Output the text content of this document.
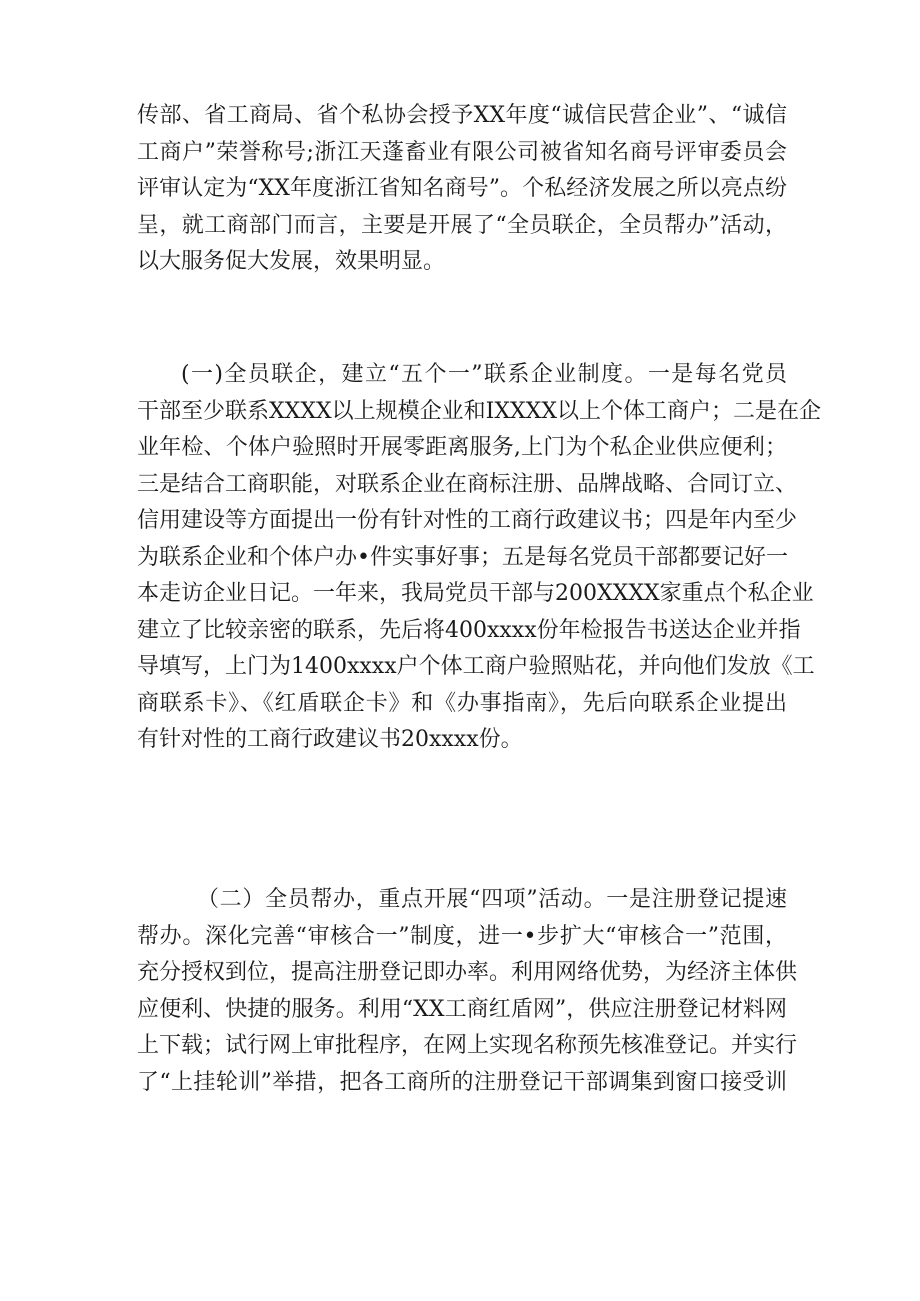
传部、省工商局、省个私协会授予XX年度“诚信民营企业”、“诚信
工商户”荣誉称号;浙江天蓬畜业有限公司被省知名商号评审委员会
评审认定为“XX年度浙江省知名商号”。个私经济发展之所以亮点纷
呈，就工商部门而言，主要是开展了“全员联企，全员帮办”活动，
以大服务促大发展，效果明显。
(一)全员联企，建立“五个一”联系企业制度。一是每名党员
干部至少联系XXXX以上规模企业和IXXXX以上个体工商户；二是在企
业年检、个体户验照时开展零距离服务,上门为个私企业供应便利；
三是结合工商职能，对联系企业在商标注册、品牌战略、合同订立、
信用建设等方面提出一份有针对性的工商行政建议书；四是年内至少
为联系企业和个体户办•件实事好事；五是每名党员干部都要记好一
本走访企业日记。一年来，我局党员干部与200XXXX家重点个私企业
建立了比较亲密的联系，先后将400xxxx份年检报告书送达企业并指
导填写，上门为1400xxxx户个体工商户验照贴花，并向他们发放《工
商联系卡》、《红盾联企卡》和《办事指南》，先后向联系企业提出
有针对性的工商行政建议书20xxxx份。
（二）全员帮办，重点开展“四项”活动。一是注册登记提速
帮办。深化完善“审核合一”制度，进一•步扩大“审核合一”范围，
充分授权到位，提高注册登记即办率。利用网络优势，为经济主体供
应便利、快捷的服务。利用“XX工商红盾网”，供应注册登记材料网
上下载；试行网上审批程序，在网上实现名称预先核准登记。并实行
了“上挂轮训”举措，把各工商所的注册登记干部调集到窗口接受训
